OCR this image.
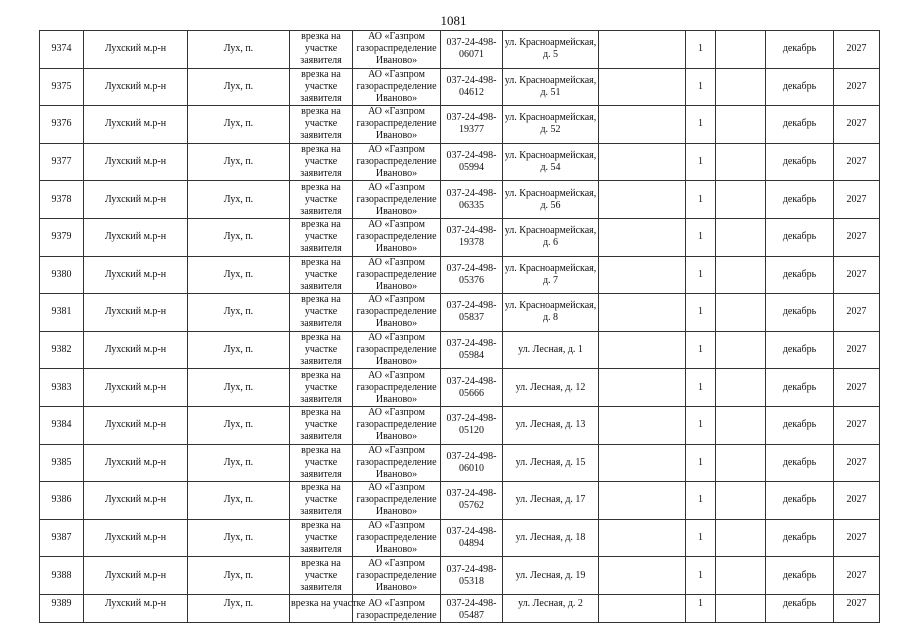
1081
9374	Лухский м.р-н	Лух, п.	врезка на участке заявителя	АО «Газпром газораспределение Иваново»	037-24-498-06071	ул. Красноармейская, д. 5		1		декабрь	2027
9375	Лухский м.р-н	Лух, п.	врезка на участке заявителя	АО «Газпром газораспределение Иваново»	037-24-498-04612	ул. Красноармейская, д. 51		1		декабрь	2027
9376	Лухский м.р-н	Лух, п.	врезка на участке заявителя	АО «Газпром газораспределение Иваново»	037-24-498-19377	ул. Красноармейская, д. 52		1		декабрь	2027
9377	Лухский м.р-н	Лух, п.	врезка на участке заявителя	АО «Газпром газораспределение Иваново»	037-24-498-05994	ул. Красноармейская, д. 54		1		декабрь	2027
9378	Лухский м.р-н	Лух, п.	врезка на участке заявителя	АО «Газпром газораспределение Иваново»	037-24-498-06335	ул. Красноармейская, д. 56		1		декабрь	2027
9379	Лухский м.р-н	Лух, п.	врезка на участке заявителя	АО «Газпром газораспределение Иваново»	037-24-498-19378	ул. Красноармейская, д. 6		1		декабрь	2027
9380	Лухский м.р-н	Лух, п.	врезка на участке заявителя	АО «Газпром газораспределение Иваново»	037-24-498-05376	ул. Красноармейская, д. 7		1		декабрь	2027
9381	Лухский м.р-н	Лух, п.	врезка на участке заявителя	АО «Газпром газораспределение Иваново»	037-24-498-05837	ул. Красноармейская, д. 8		1		декабрь	2027
9382	Лухский м.р-н	Лух, п.	врезка на участке заявителя	АО «Газпром газораспределение Иваново»	037-24-498-05984	ул. Лесная, д. 1		1		декабрь	2027
9383	Лухский м.р-н	Лух, п.	врезка на участке заявителя	АО «Газпром газораспределение Иваново»	037-24-498-05666	ул. Лесная, д. 12		1		декабрь	2027
9384	Лухский м.р-н	Лух, п.	врезка на участке заявителя	АО «Газпром газораспределение Иваново»	037-24-498-05120	ул. Лесная, д. 13		1		декабрь	2027
9385	Лухский м.р-н	Лух, п.	врезка на участке заявителя	АО «Газпром газораспределение Иваново»	037-24-498-06010	ул. Лесная, д. 15		1		декабрь	2027
9386	Лухский м.р-н	Лух, п.	врезка на участке заявителя	АО «Газпром газораспределение Иваново»	037-24-498-05762	ул. Лесная, д. 17		1		декабрь	2027
9387	Лухский м.р-н	Лух, п.	врезка на участке заявителя	АО «Газпром газораспределение Иваново»	037-24-498-04894	ул. Лесная, д. 18		1		декабрь	2027
9388	Лухский м.р-н	Лух, п.	врезка на участке заявителя	АО «Газпром газораспределение Иваново»	037-24-498-05318	ул. Лесная, д. 19		1		декабрь	2027
9389	Лухский м.р-н	Лух, п.	врезка на участке	АО «Газпром газораспределение	037-24-498-05487	ул. Лесная, д. 2		1		декабрь	2027
